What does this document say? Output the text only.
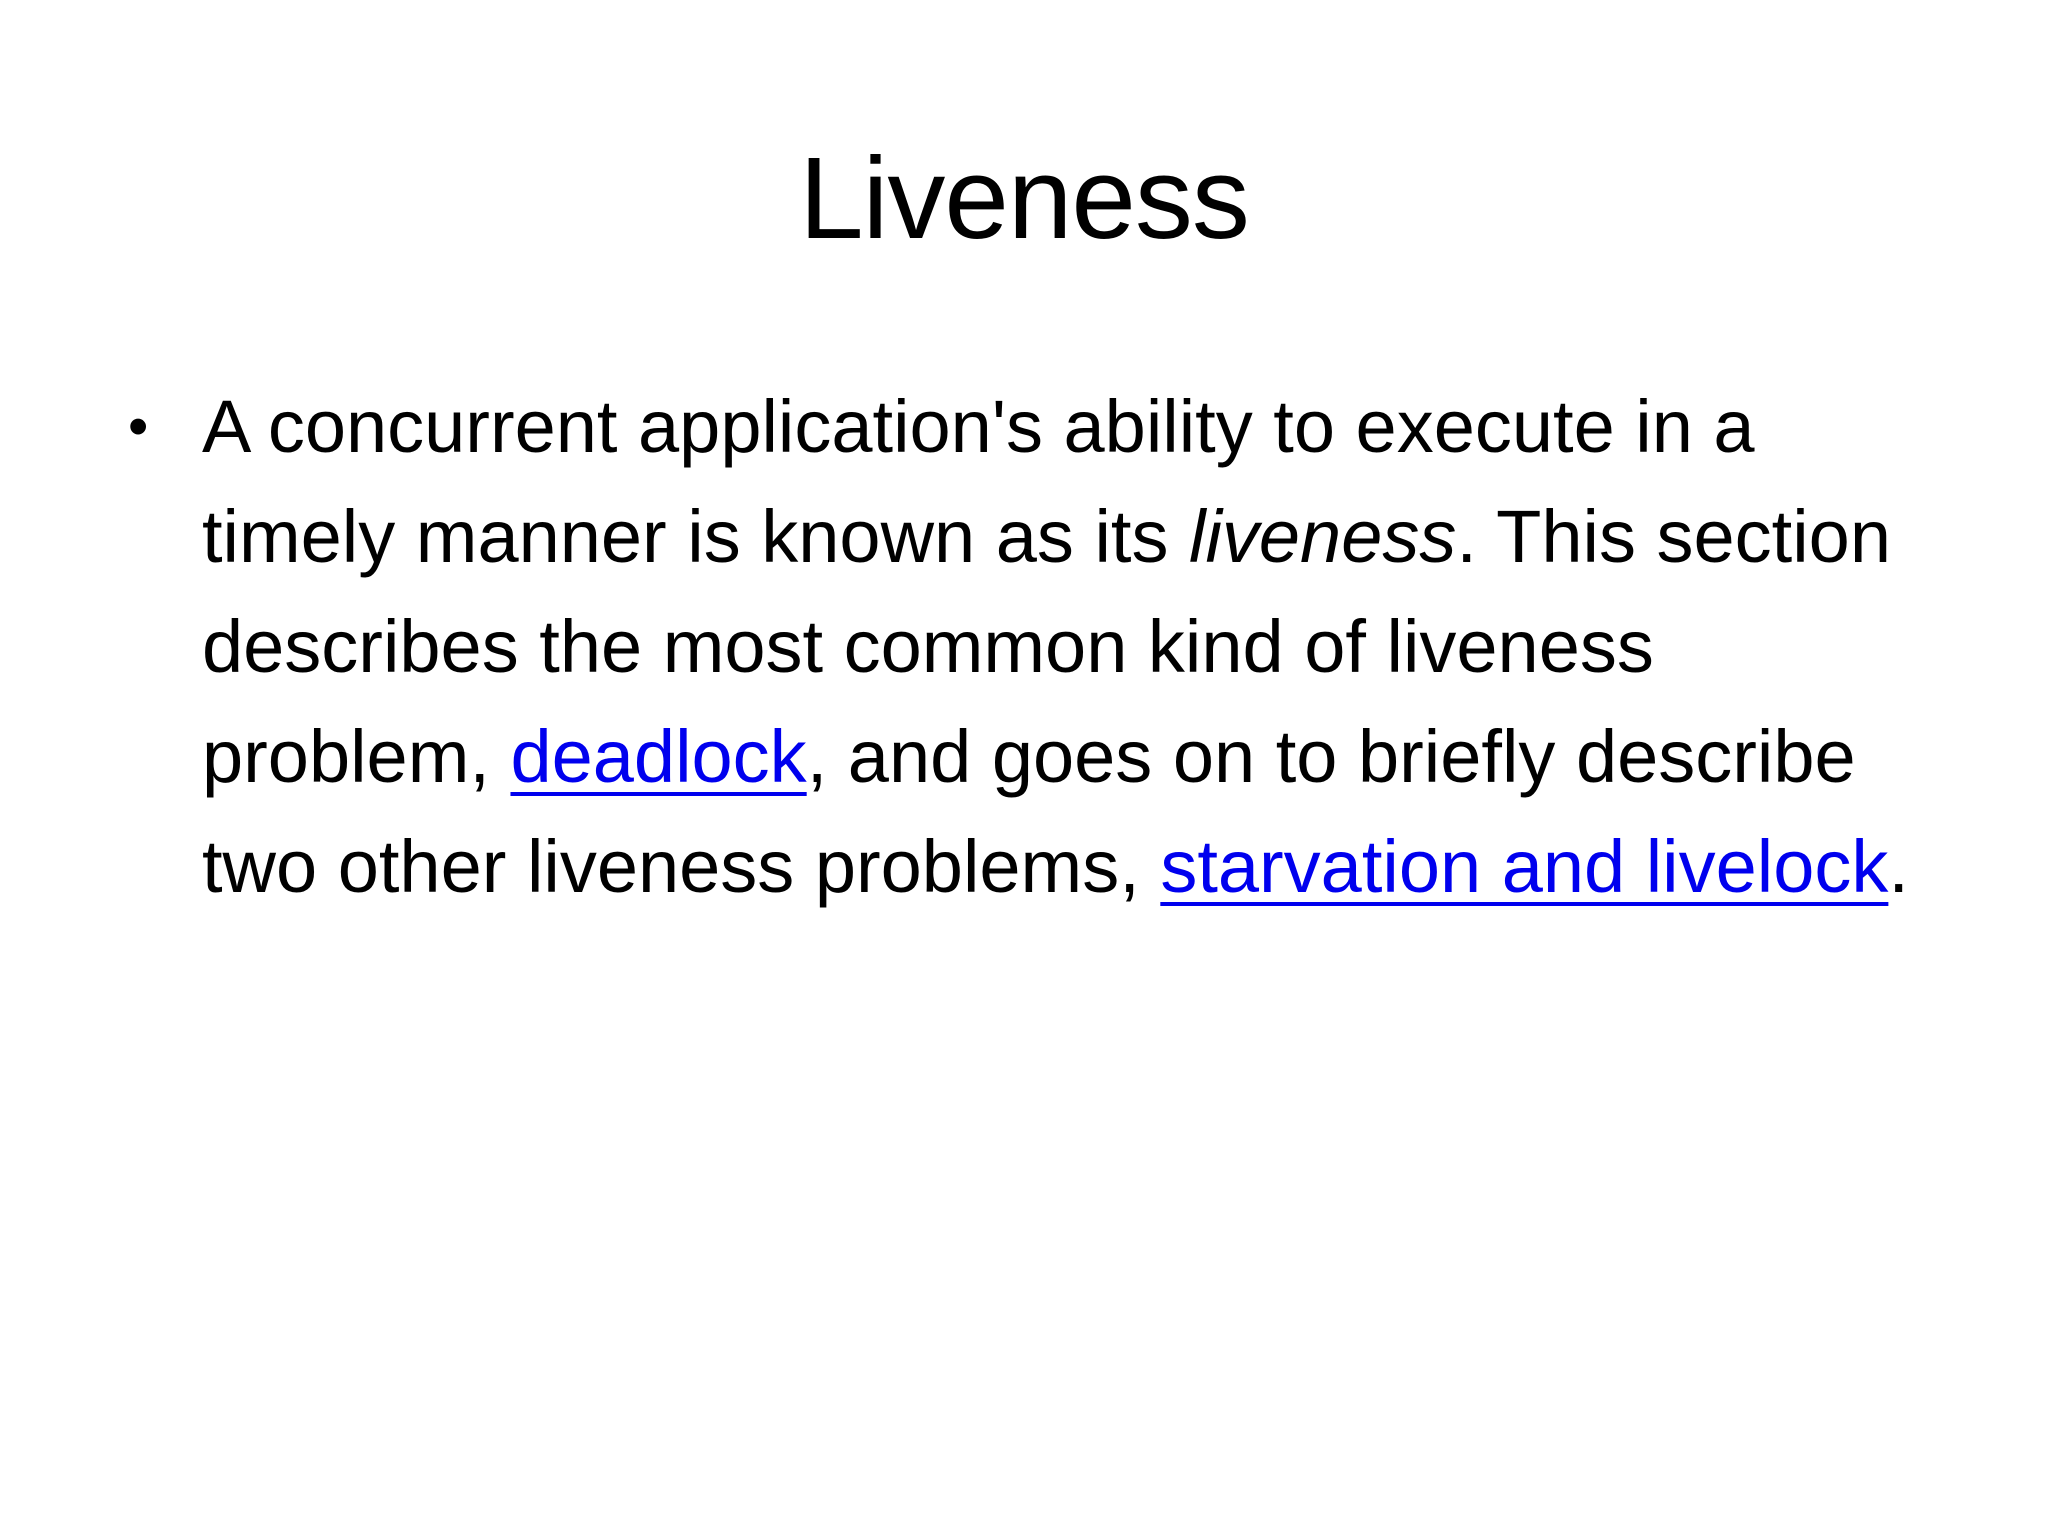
Liveness
• A concurrent application's ability to execute in a timely manner is known as its liveness. This section describes the most common kind of liveness problem, deadlock, and goes on to briefly describe two other liveness problems, starvation and livelock.
